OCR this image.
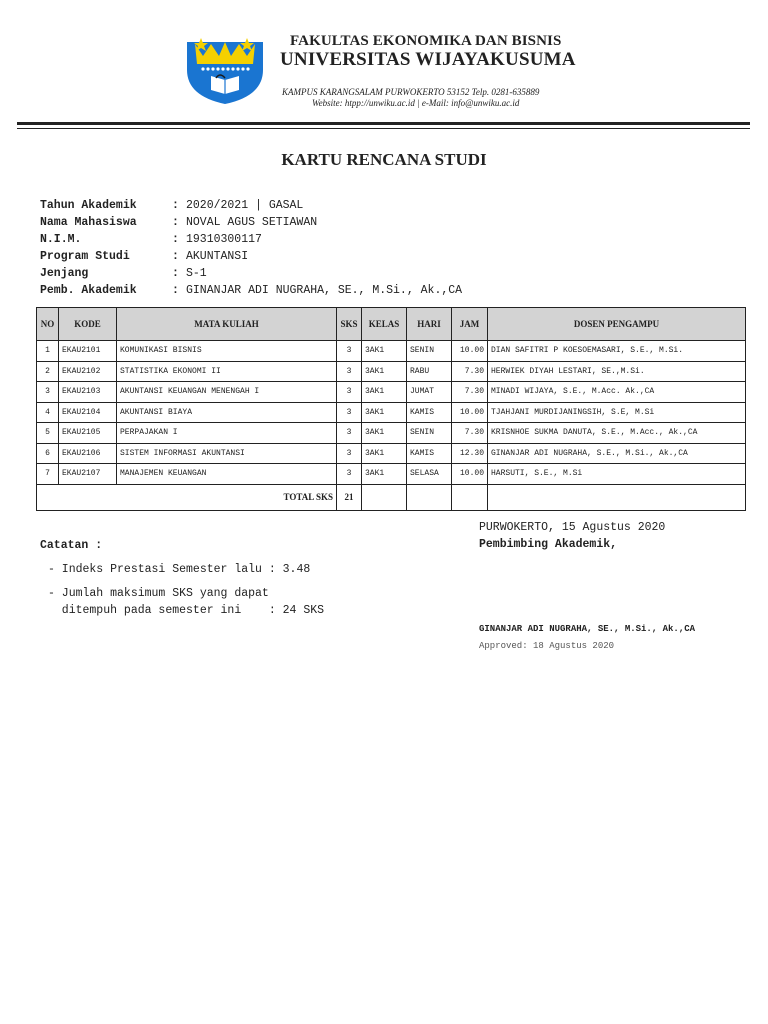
FAKULTAS EKONOMIKA DAN BISNIS
UNIVERSITAS WIJAYAKUSUMA
KAMPUS KARANGSALAM PURWOKERTO 53152 Telp. 0281-635889
Website: htpp://unwiku.ac.id | e-Mail: info@unwiku.ac.id
KARTU RENCANA STUDI
Tahun Akademik	: 2020/2021 | GASAL
Nama Mahasiswa	: NOVAL AGUS SETIAWAN
N.I.M.	: 19310300117
Program Studi	: AKUNTANSI
Jenjang	: S-1
Pemb. Akademik	: GINANJAR ADI NUGRAHA, SE., M.Si., Ak.,CA
NO	KODE	MATA KULIAH	SKS	KELAS	HARI	JAM	DOSEN PENGAMPU
1	EKAU2101	KOMUNIKASI BISNIS	3	3AK1	SENIN	10.00	DIAN SAFITRI P KOESOEMASARI, S.E., M.Si.
2	EKAU2102	STATISTIKA EKONOMI II	3	3AK1	RABU	7.30	HERWIEK DIYAH LESTARI, SE.,M.Si.
3	EKAU2103	AKUNTANSI KEUANGAN MENENGAH I	3	3AK1	JUMAT	7.30	MINADI WIJAYA, S.E., M.Acc. Ak.,CA
4	EKAU2104	AKUNTANSI BIAYA	3	3AK1	KAMIS	10.00	TJAHJANI MURDIJANINGSIH, S.E, M.Si
5	EKAU2105	PERPAJAKAN I	3	3AK1	SENIN	7.30	KRISNHOE SUKMA DANUTA, S.E., M.Acc., Ak.,CA
6	EKAU2106	SISTEM INFORMASI AKUNTANSI	3	3AK1	KAMIS	12.30	GINANJAR ADI NUGRAHA, S.E., M.Si., Ak.,CA
7	EKAU2107	MANAJEMEN KEUANGAN	3	3AK1	SELASA	10.00	HARSUTI, S.E., M.Si
TOTAL SKS			21				
PURWOKERTO, 15 Agustus 2020
Pembimbing Akademik,
Catatan :
- Indeks Prestasi Semester lalu : 3.48
- Jumlah maksimum SKS yang dapat
ditempuh pada semester ini    : 24 SKS
GINANJAR ADI NUGRAHA, SE., M.Si., Ak.,CA
Approved: 18 Agustus 2020
